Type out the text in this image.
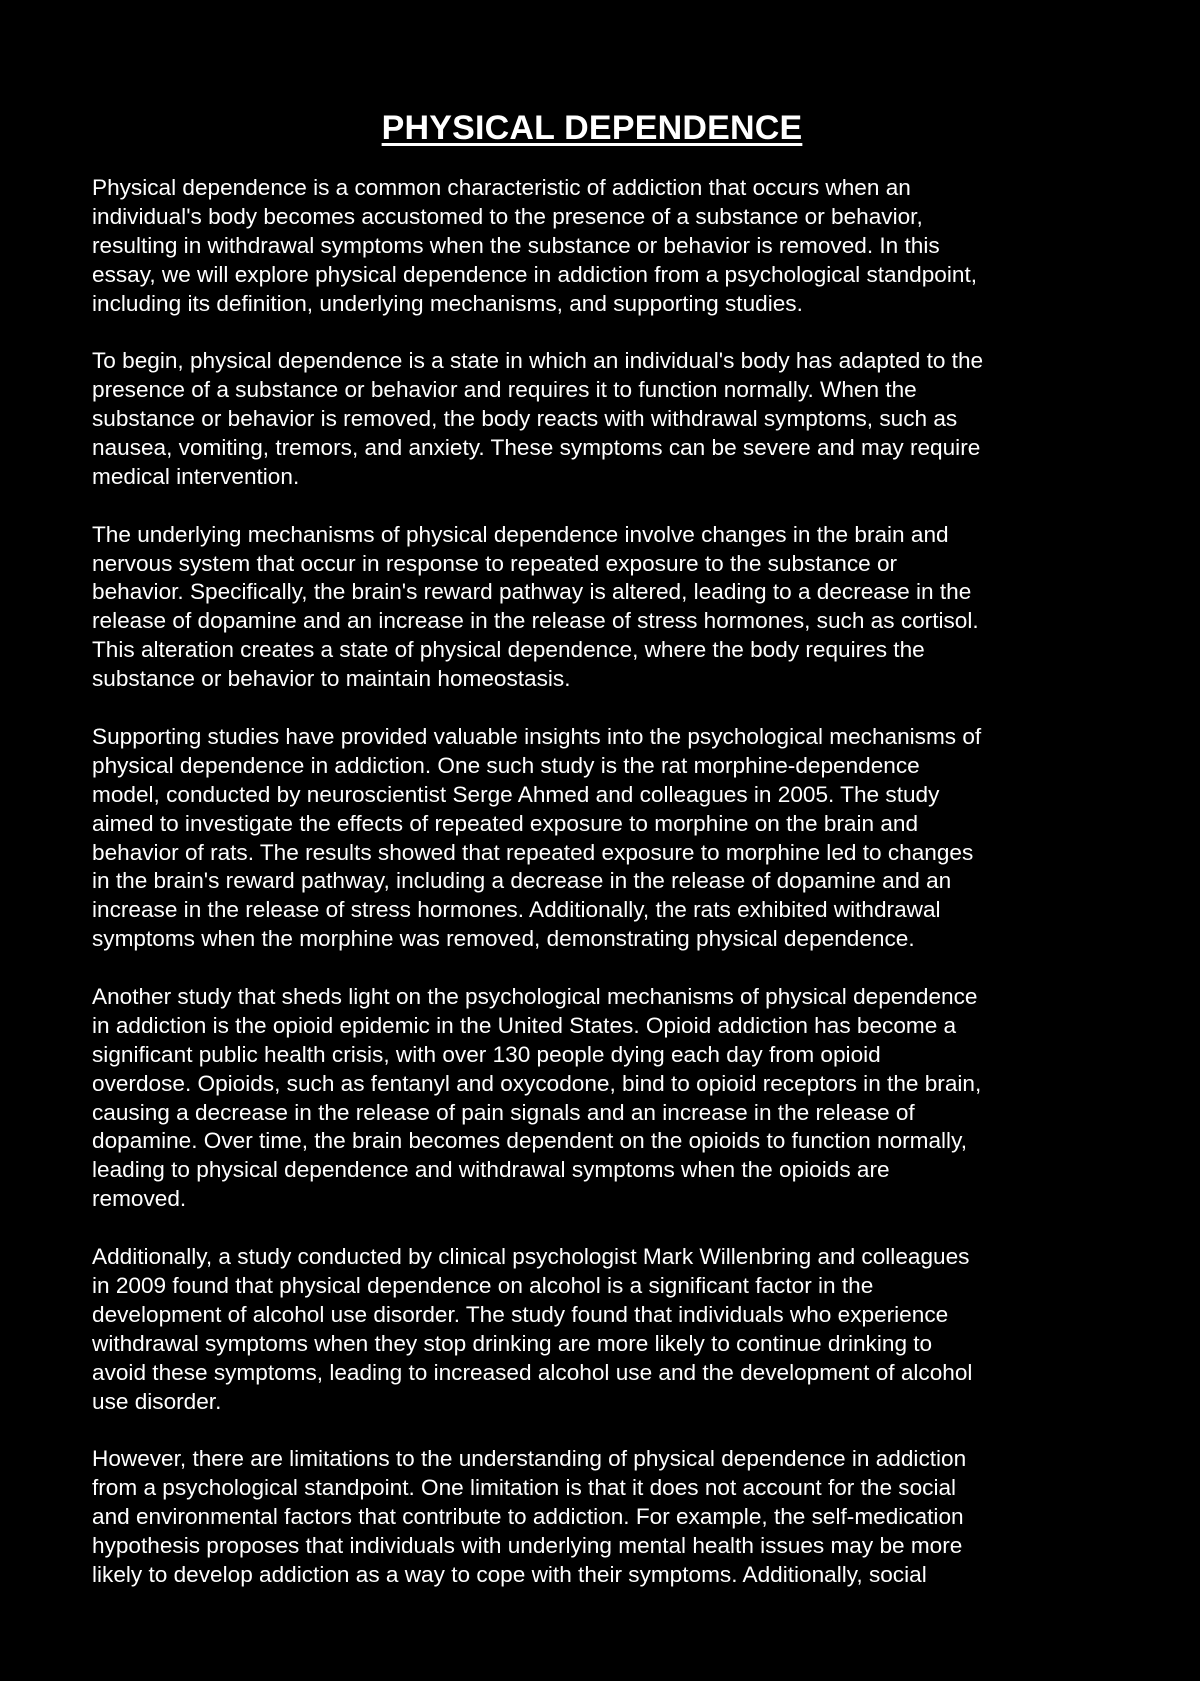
PHYSICAL DEPENDENCE

Physical dependence is a common characteristic of addiction that occurs when an
individual's body becomes accustomed to the presence of a substance or behavior,
resulting in withdrawal symptoms when the substance or behavior is removed. In this
essay, we will explore physical dependence in addiction from a psychological standpoint,
including its definition, underlying mechanisms, and supporting studies.

To begin, physical dependence is a state in which an individual's body has adapted to the
presence of a substance or behavior and requires it to function normally. When the
substance or behavior is removed, the body reacts with withdrawal symptoms, such as
nausea, vomiting, tremors, and anxiety. These symptoms can be severe and may require
medical intervention.

The underlying mechanisms of physical dependence involve changes in the brain and
nervous system that occur in response to repeated exposure to the substance or
behavior. Specifically, the brain's reward pathway is altered, leading to a decrease in the
release of dopamine and an increase in the release of stress hormones, such as cortisol.
This alteration creates a state of physical dependence, where the body requires the
substance or behavior to maintain homeostasis.

Supporting studies have provided valuable insights into the psychological mechanisms of
physical dependence in addiction. One such study is the rat morphine-dependence
model, conducted by neuroscientist Serge Ahmed and colleagues in 2005. The study
aimed to investigate the effects of repeated exposure to morphine on the brain and
behavior of rats. The results showed that repeated exposure to morphine led to changes
in the brain's reward pathway, including a decrease in the release of dopamine and an
increase in the release of stress hormones. Additionally, the rats exhibited withdrawal
symptoms when the morphine was removed, demonstrating physical dependence.

Another study that sheds light on the psychological mechanisms of physical dependence
in addiction is the opioid epidemic in the United States. Opioid addiction has become a
significant public health crisis, with over 130 people dying each day from opioid
overdose. Opioids, such as fentanyl and oxycodone, bind to opioid receptors in the brain,
causing a decrease in the release of pain signals and an increase in the release of
dopamine. Over time, the brain becomes dependent on the opioids to function normally,
leading to physical dependence and withdrawal symptoms when the opioids are
removed.

Additionally, a study conducted by clinical psychologist Mark Willenbring and colleagues
in 2009 found that physical dependence on alcohol is a significant factor in the
development of alcohol use disorder. The study found that individuals who experience
withdrawal symptoms when they stop drinking are more likely to continue drinking to
avoid these symptoms, leading to increased alcohol use and the development of alcohol
use disorder.

However, there are limitations to the understanding of physical dependence in addiction
from a psychological standpoint. One limitation is that it does not account for the social
and environmental factors that contribute to addiction. For example, the self-medication
hypothesis proposes that individuals with underlying mental health issues may be more
likely to develop addiction as a way to cope with their symptoms. Additionally, social
